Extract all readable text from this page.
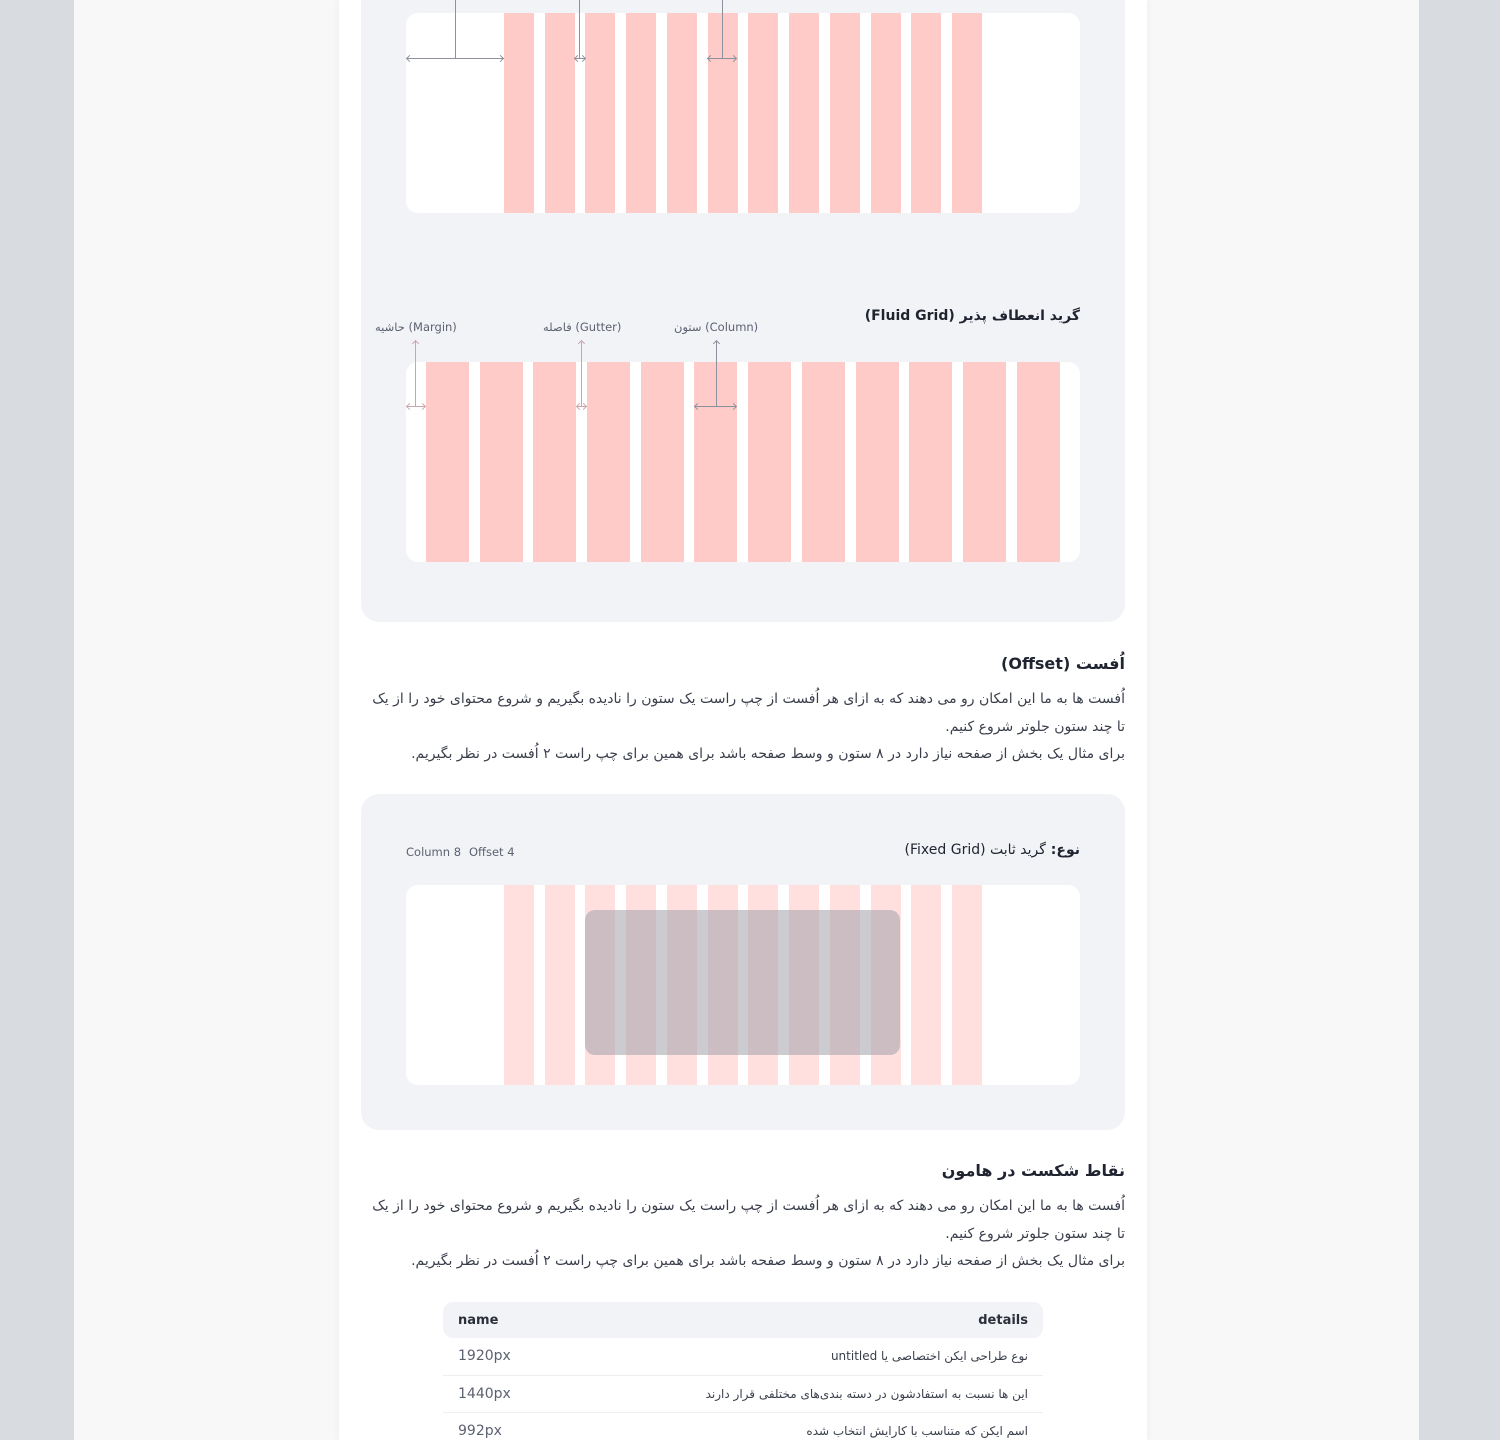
گرید انعطاف پذیر (Fluid Grid)
حاشیه (Margin)	فاصله (Gutter)	ستون (Column)
اُفست (Offset)
اُفست ها به ما این امکان رو می دهند که به ازای هر اُفست از چپ راست یک ستون را نادیده بگیریم و شروع محتوای خود را از یک تا چند ستون جلوتر شروع کنیم.
برای مثال یک بخش از صفحه نیاز دارد در ۸ ستون و وسط صفحه باشد برای همین برای چپ راست ۲ اُفست در نظر بگیریم.
نوع: گرید ثابت (Fixed Grid)
Column 8 Offset 4
نقاط شکست در هامون
اُفست ها به ما این امکان رو می دهند که به ازای هر اُفست از چپ راست یک ستون را نادیده بگیریم و شروع محتوای خود را از یک تا چند ستون جلوتر شروع کنیم.
برای مثال یک بخش از صفحه نیاز دارد در ۸ ستون و وسط صفحه باشد برای همین برای چپ راست ۲ اُفست در نظر بگیریم.
name	details
1920px	نوع طراحی ایکن اختصاصی یا untitled
1440px	این ها نسبت به استفادشون در دسته بندی‌های مختلفی قرار دارند
992px	اسم ایکن که متناسب با کارایش انتخاب شده
